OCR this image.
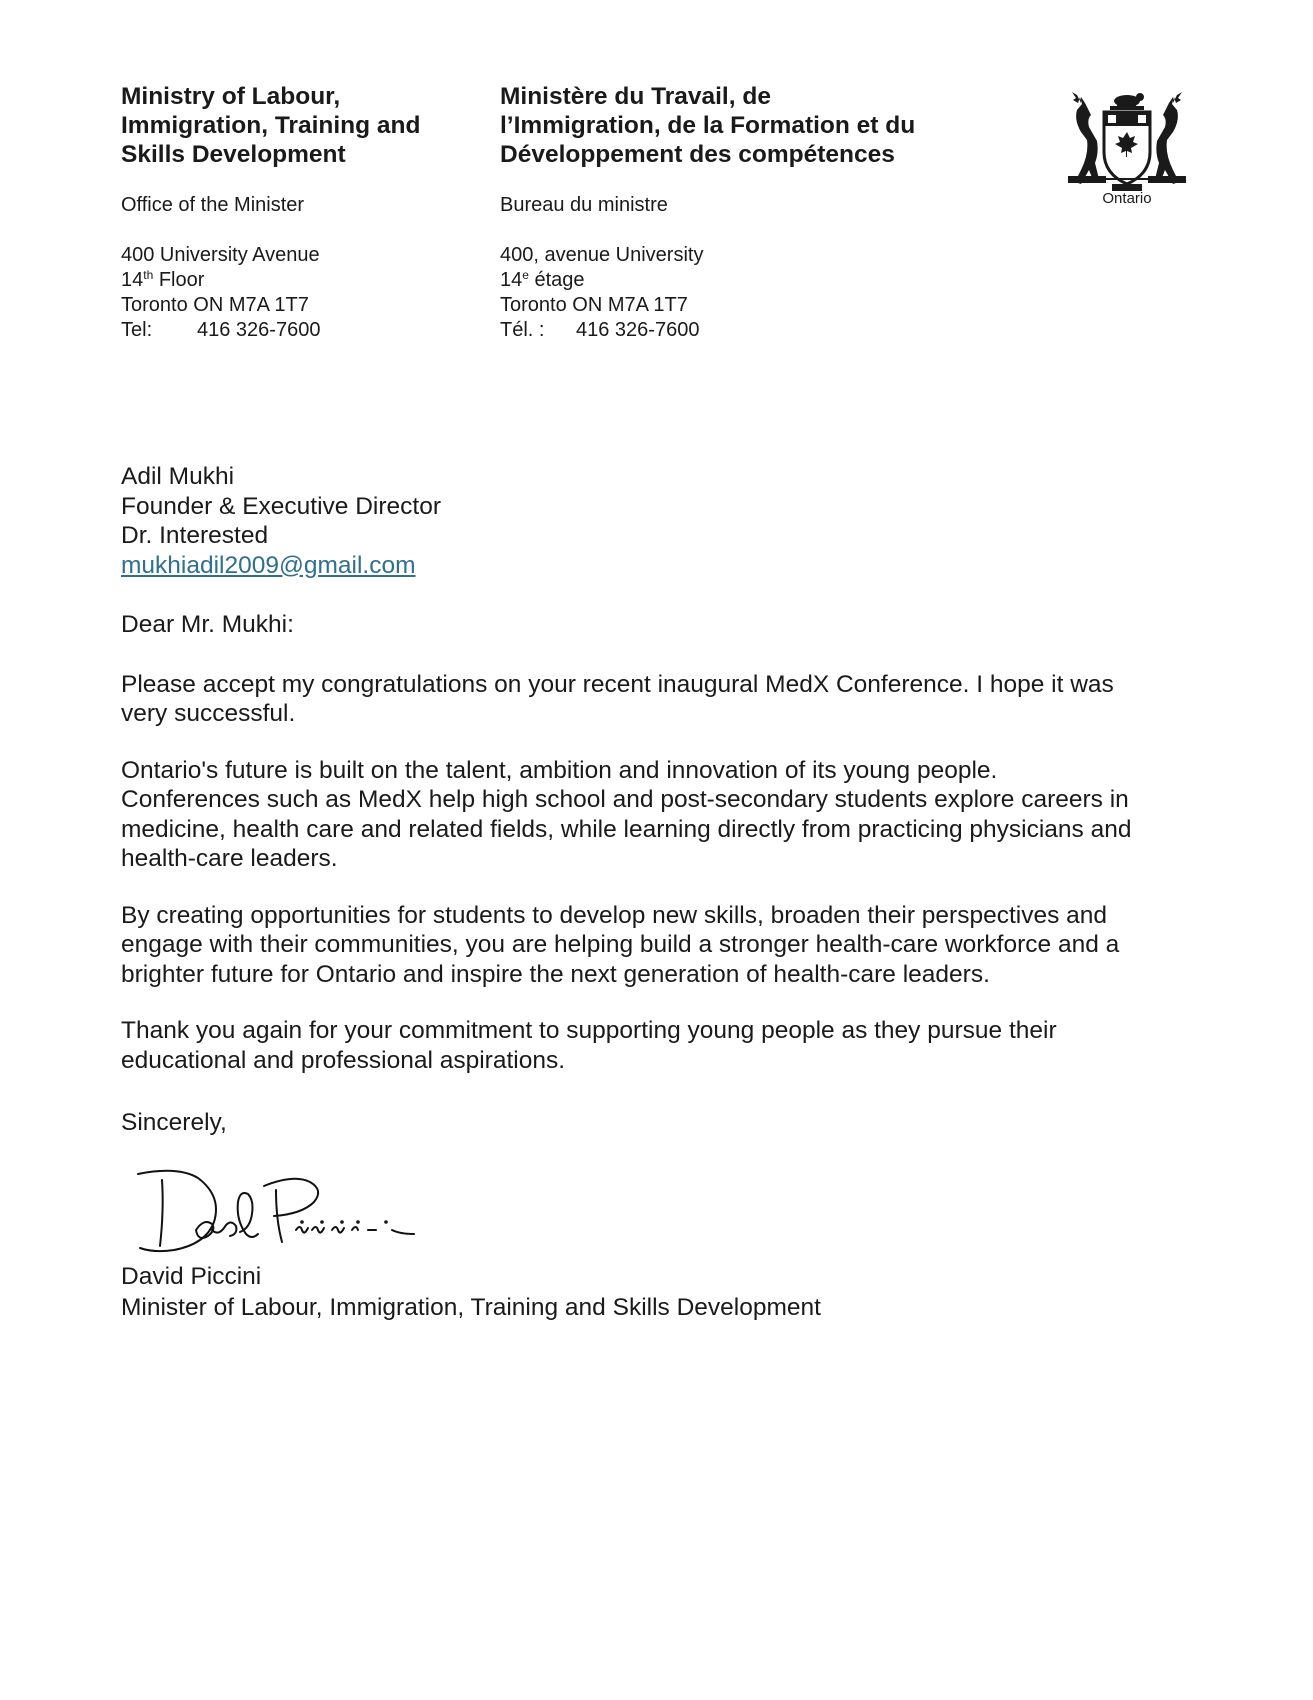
Ministry of Labour,
Immigration, Training and
Skills Development
Office of the Minister
400 University Avenue
14th Floor
Toronto ON M7A 1T7
Tel: 416 326-7600
Ministère du Travail, de
l’Immigration, de la Formation et du
Développement des compétences
Bureau du ministre
400, avenue University
14e étage
Toronto ON M7A 1T7
Tél. : 416 326-7600
Ontario
Adil Mukhi
Founder & Executive Director
Dr. Interested
mukhiadil2009@gmail.com

Dear Mr. Mukhi:

Please accept my congratulations on your recent inaugural MedX Conference. I hope it was
very successful.

Ontario's future is built on the talent, ambition and innovation of its young people.
Conferences such as MedX help high school and post-secondary students explore careers in
medicine, health care and related fields, while learning directly from practicing physicians and
health-care leaders.

By creating opportunities for students to develop new skills, broaden their perspectives and
engage with their communities, you are helping build a stronger health-care workforce and a
brighter future for Ontario and inspire the next generation of health-care leaders.

Thank you again for your commitment to supporting young people as they pursue their
educational and professional aspirations.

Sincerely,
David Piccini
Minister of Labour, Immigration, Training and Skills Development
